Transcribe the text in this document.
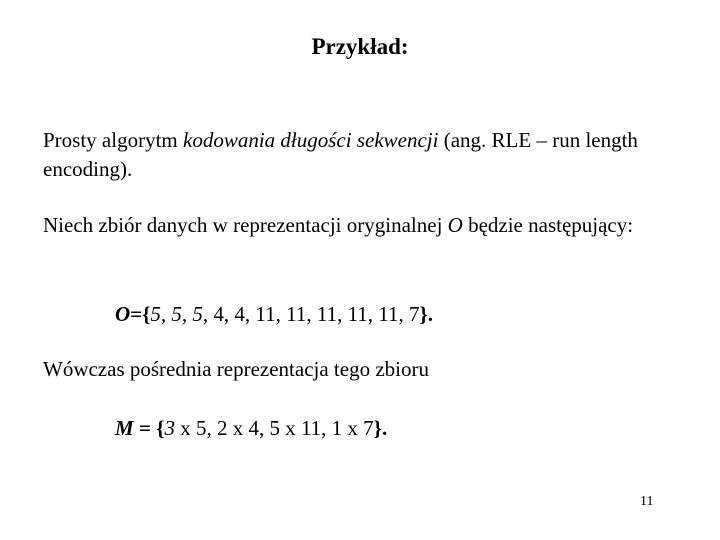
Przykład:
Prosty algorytm kodowania długości sekwencji (ang. RLE – run length encoding).
Niech zbiór danych w reprezentacji oryginalnej O będzie następujący:
O={5, 5, 5, 4, 4, 11, 11, 11, 11, 11, 7}.
Wówczas pośrednia reprezentacja tego zbioru
M = {3 x 5, 2 x 4, 5 x 11, 1 x 7}.
11
